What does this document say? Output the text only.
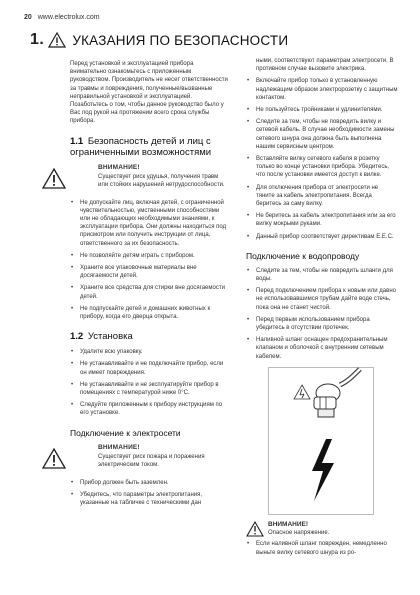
20 www.electrolux.com
1. УКАЗАНИЯ ПО БЕЗОПАСНОСТИ

Перед установкой и эксплуатацией прибора внимательно ознакомьтесь с приложенным руководством. Производитель не несет ответственности за травмы и повреждения, полученные/вызванные неправильной установкой и эксплуатацией. Позаботьтесь о том, чтобы данное руководство было у Вас под рукой на протяжении всего срока службы прибора.

1.1 Безопасность детей и лиц с ограниченными возможностями
ВНИМАНИЕ!
Существует риск удушья, получения травм или стойких нарушений нетрудоспособности.
• Не допускайте лиц, включая детей, с ограниченной чувствительностью, умственными способностями или не обладающих необходимыми знаниями, к эксплуатации прибора. Они должны находиться под присмотром или получить инструкции от лица, ответственного за их безопасность.
• Не позволяйте детям играть с прибором.
• Храните все упаковочные материалы вне досягаемости детей.
• Храните все средства для стирки вне досягаемости детей.
• Не подпускайте детей и домашних животных к прибору, когда его дверца открыта.
1.2 Установка
• Удалите всю упаковку.
• Не устанавливайте и не подключайте прибор, если он имеет повреждения.
• Не устанавливайте и не эксплуатируйте прибор в помещениях с температурой ниже 0°C.
• Следуйте приложенным к прибору инструкциям по его установке.
Подключение к электросети
ВНИМАНИЕ!
Существует риск пожара и поражения электрическим током.
• Прибор должен быть заземлен.
• Убедитесь, что параметры электропитания, указанные на табличке с техническими дан

ными, соответствуют параметрам электросети. В противном случае вызовите электрика.

• Включайте прибор только в установленную надлежащим образом электророзетку с защитным контактом.
• Не пользуйтесь тройниками и удлинителями.
• Следите за тем, чтобы не повредить вилку и сетевой кабель. В случае необходимости замены сетевого шнура она должна быть выполнена нашим сервисным центром.
• Вставляйте вилку сетевого кабеля в розетку только во конце установки прибора. Убедитесь, что после установки имеется доступ к вилке.
• Для отключения прибора от электросети не тяните за кабель электропитания. Всегда беритесь за саму вилку.
• Не беритесь за кабель электропитания или за его вилку мокрыми руками.
• Данный прибор соответствует директивам E.E.C.
Подключение к водопроводу
• Следите за тем, чтобы не повредить шланги для воды.
• Перед подключением прибора к новым или давно не использовавшимся трубам дайте воде стечь, пока она не станет чистой.
• Перед первым использованием прибора убедитесь в отсутствии протечек.
• Наливной шланг оснащен предохранительным клапаном и оболочкой с внутренним сетевым кабелем.
ВНИМАНИЕ!
Опасное напряжение.
• Если наливной шланг поврежден, немедленно выньте вилку сетевого шнура из ро-
